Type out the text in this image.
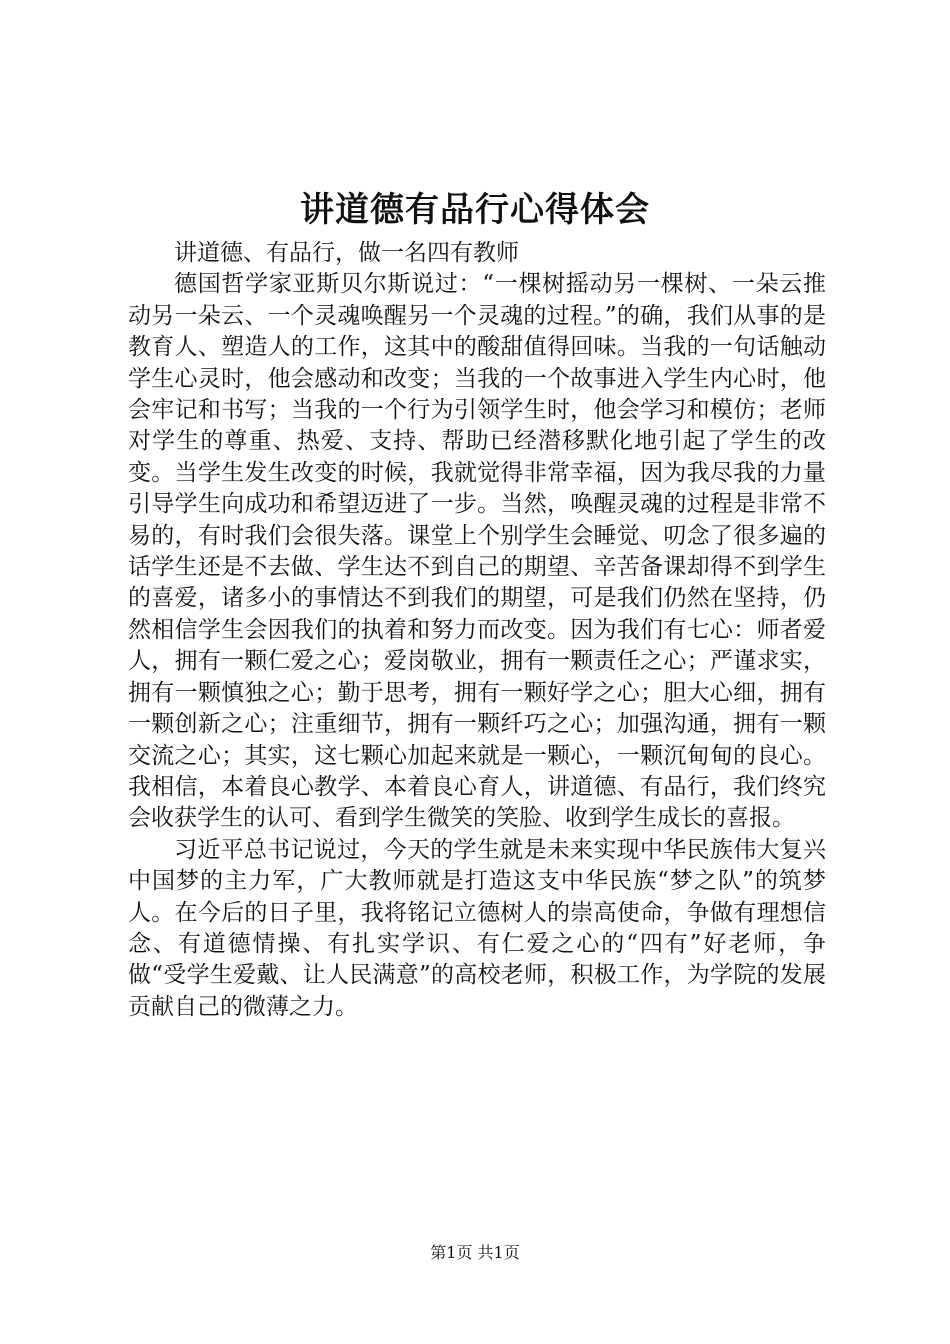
讲道德有品行心得体会

讲道德、有品行，做一名四有教师

德国哲学家亚斯贝尔斯说过：“一棵树摇动另一棵树、一朵云推动另一朵云、一个灵魂唤醒另一个灵魂的过程。”的确，我们从事的是教育人、塑造人的工作，这其中的酸甜值得回味。当我的一句话触动学生心灵时，他会感动和改变；当我的一个故事进入学生内心时，他会牢记和书写；当我的一个行为引领学生时，他会学习和模仿；老师对学生的尊重、热爱、支持、帮助已经潜移默化地引起了学生的改变。当学生发生改变的时候，我就觉得非常幸福，因为我尽我的力量引导学生向成功和希望迈进了一步。当然，唤醒灵魂的过程是非常不易的，有时我们会很失落。课堂上个别学生会睡觉、叨念了很多遍的话学生还是不去做、学生达不到自己的期望、辛苦备课却得不到学生的喜爱，诸多小的事情达不到我们的期望，可是我们仍然在坚持，仍然相信学生会因我们的执着和努力而改变。因为我们有七心：师者爱人，拥有一颗仁爱之心；爱岗敬业，拥有一颗责任之心；严谨求实，拥有一颗慎独之心；勤于思考，拥有一颗好学之心；胆大心细，拥有一颗创新之心；注重细节，拥有一颗纤巧之心；加强沟通，拥有一颗交流之心；其实，这七颗心加起来就是一颗心，一颗沉甸甸的良心。我相信，本着良心教学、本着良心育人，讲道德、有品行，我们终究会收获学生的认可、看到学生微笑的笑脸、收到学生成长的喜报。

习近平总书记说过，今天的学生就是未来实现中华民族伟大复兴中国梦的主力军，广大教师就是打造这支中华民族“梦之队”的筑梦人。在今后的日子里，我将铭记立德树人的崇高使命，争做有理想信念、有道德情操、有扎实学识、有仁爱之心的“四有”好老师，争做“受学生爱戴、让人民满意”的高校老师，积极工作，为学院的发展贡献自己的微薄之力。

第1页 共1页
